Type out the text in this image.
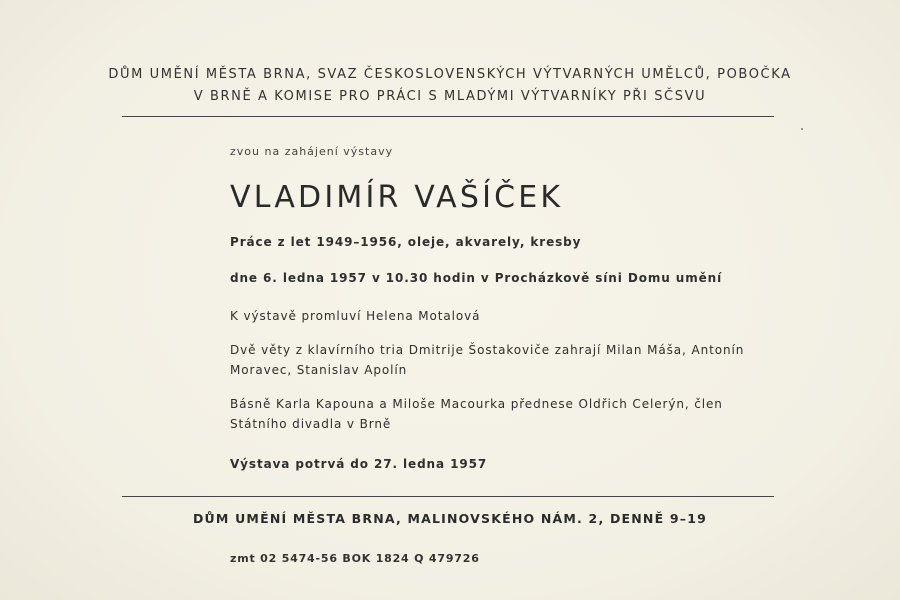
DŮM UMĚNÍ MĚSTA BRNA, SVAZ ČESKOSLOVENSKÝCH VÝTVARNÝCH UMĚLCŮ, POBOČKA
V BRNĚ A KOMISE PRO PRÁCI S MLADÝMI VÝTVARNÍKY PŘI SČSVU
zvou na zahájení výstavy
VLADIMÍR VAŠÍČEK
Práce z let 1949–1956, oleje, akvarely, kresby
dne 6. ledna 1957 v 10.30 hodin v Procházkově síni Domu umění
K výstavě promluví Helena Motalová
Dvě věty z klavírního tria Dmitrije Šostakoviče zahrají Milan Máša, Antonín
Moravec, Stanislav Apolín
Básně Karla Kapouna a Miloše Macourka přednese Oldřich Celerýn, člen
Státního divadla v Brně
Výstava potrvá do 27. ledna 1957
DŮM UMĚNÍ MĚSTA BRNA, MALINOVSKÉHO NÁM. 2, DENNĚ 9–19
zmt 02 5474-56 BOK 1824 Q 479726
